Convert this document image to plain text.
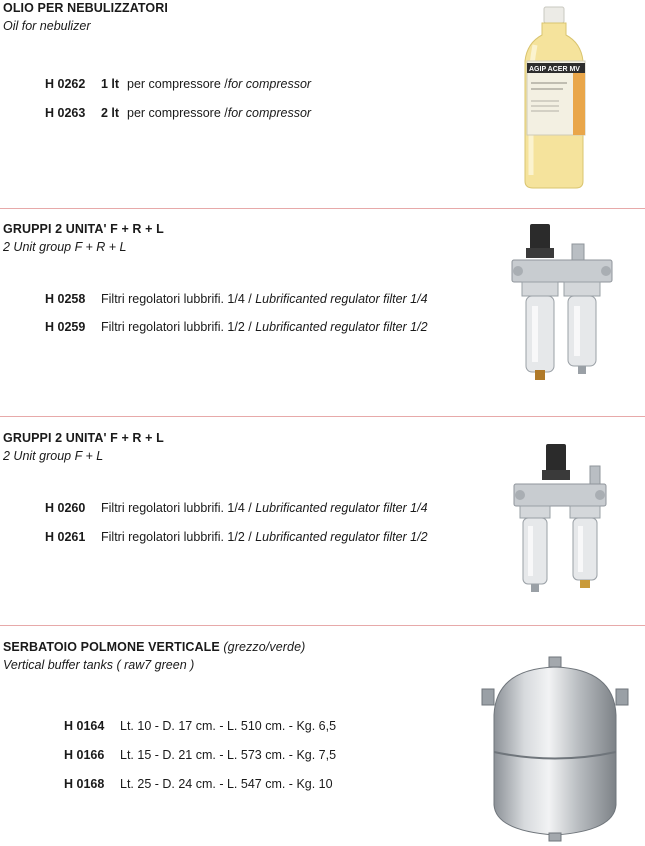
OLIO PER NEBULIZZATORI
Oil for nebulizer
H 0262 1 lt per compressore /for compressor
H 0263 2 lt per compressore /for compressor
AGIP ACER MV
GRUPPI 2 UNITA' F + R + L
2 Unit group F + R + L
H 0258 Filtri regolatori lubbrifi. 1/4 / Lubrificanted regulator filter 1/4
H 0259 Filtri regolatori lubbrifi. 1/2 / Lubrificanted regulator filter 1/2
GRUPPI 2 UNITA' F + R + L
2 Unit group F + L
H 0260 Filtri regolatori lubbrifi. 1/4 / Lubrificanted regulator filter 1/4
H 0261 Filtri regolatori lubbrifi. 1/2 / Lubrificanted regulator filter 1/2
SERBATOIO POLMONE VERTICALE (grezzo/verde)
Vertical buffer tanks ( raw7 green )
H 0164 Lt. 10 - D. 17 cm. - L. 510 cm. - Kg. 6,5
H 0166 Lt. 15 - D. 21 cm. - L. 573 cm. - Kg. 7,5
H 0168 Lt. 25 - D. 24 cm. - L. 547 cm. - Kg. 10
